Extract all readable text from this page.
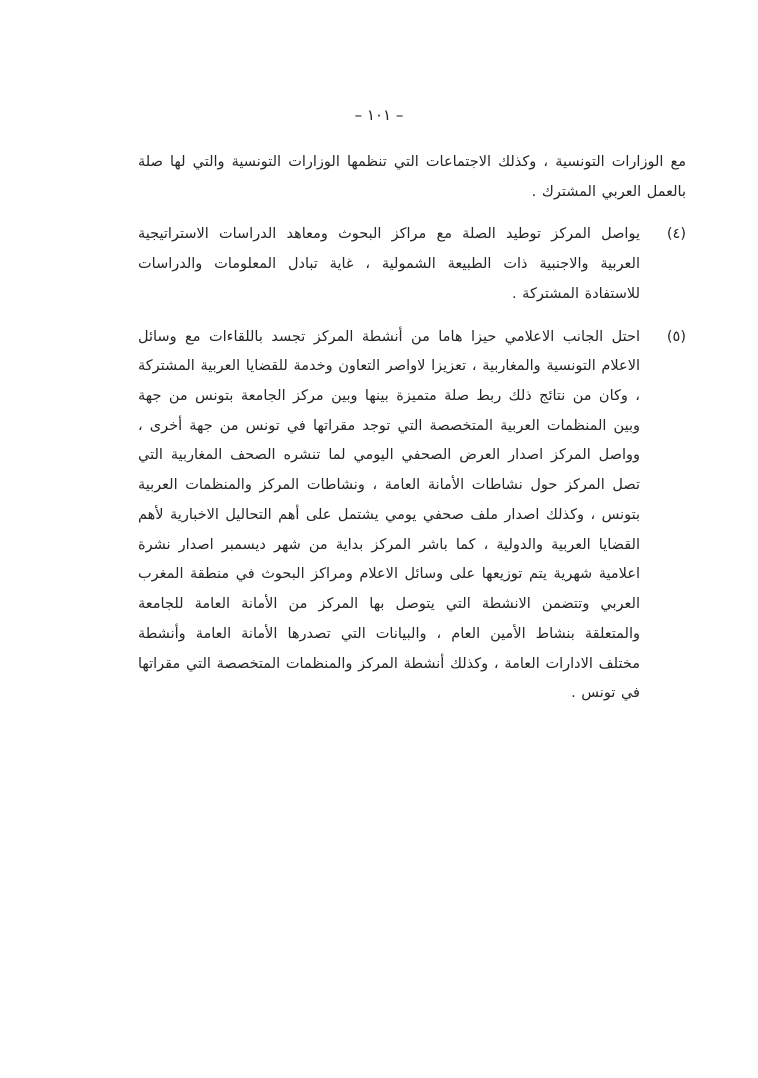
– ١٠١ –

مع الوزارات التونسية ، وكذلك الاجتماعات التي تنظمها الوزارات التونسية والتي لها صلة بالعمل العربي المشترك .

(٤)
يواصل المركز توطيد الصلة مع مراكز البحوث ومعاهد الدراسات الاستراتيجية العربية والاجنبية ذات الطبيعة الشمولية ، غاية تبادل المعلومات والدراسات للاستفادة المشتركة .
(٥)
احتل الجانب الاعلامي حيزا هاما من أنشطة المركز تجسد باللقاءات مع وسائل الاعلام التونسية والمغاربية ، تعزيزا لاواصر التعاون وخدمة للقضايا العربية المشتركة ، وكان من نتائج ذلك ربط صلة متميزة بينها وبين مركز الجامعة بتونس من جهة وبين المنظمات العربية المتخصصة التي توجد مقراتها في تونس من جهة أخرى ، وواصل المركز اصدار العرض الصحفي اليومي لما تنشره الصحف المغاربية التي تصل المركز حول نشاطات الأمانة العامة ، ونشاطات المركز والمنظمات العربية بتونس ، وكذلك اصدار ملف صحفي يومي يشتمل على أهم التحاليل الاخبارية لأهم القضايا العربية والدولية ، كما باشر المركز بداية من شهر ديسمبر اصدار نشرة اعلامية شهرية يتم توزيعها على وسائل الاعلام ومراكز البحوث في منطقة المغرب العربي وتتضمن الانشطة التي يتوصل بها المركز من الأمانة العامة للجامعة والمتعلقة بنشاط الأمين العام ، والبيانات التي تصدرها الأمانة العامة وأنشطة مختلف الادارات العامة ، وكذلك أنشطة المركز والمنظمات المتخصصة التي مقراتها في تونس .
